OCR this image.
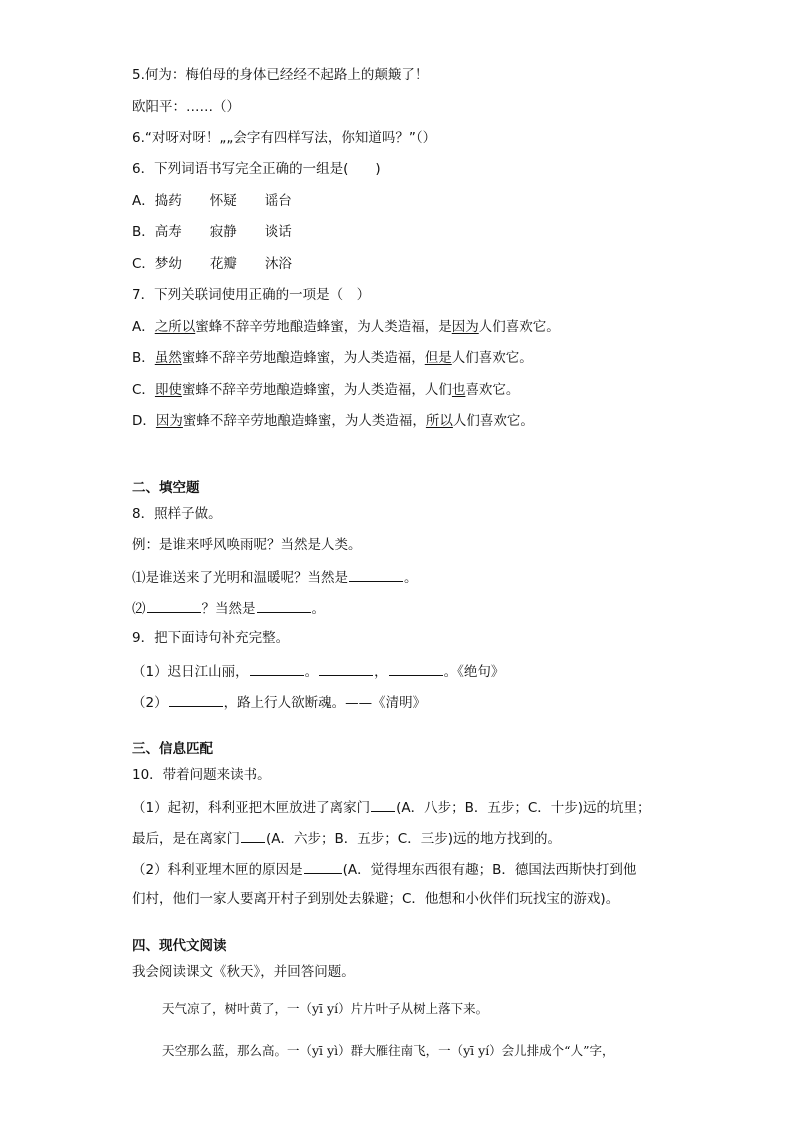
5.何为：梅伯母的身体已经经不起路上的颠簸了！
欧阳平：……（）
6.“对呀对呀！„„会字有四样写法，你知道吗？”（）
6．下列词语书写完全正确的一组是(　　)
A．捣药 怀疑 谣台
B．高寿 寂静 谈话
C．梦幼 花瓣 沐浴
7．下列关联词使用正确的一项是（　）
A．之所以蜜蜂不辞辛劳地酿造蜂蜜，为人类造福，是因为人们喜欢它。
B．虽然蜜蜂不辞辛劳地酿造蜂蜜，为人类造福，但是人们喜欢它。
C．即使蜜蜂不辞辛劳地酿造蜂蜜，为人类造福，人们也喜欢它。
D．因为蜜蜂不辞辛劳地酿造蜂蜜，为人类造福，所以人们喜欢它。
二、填空题
8．照样子做。
例：是谁来呼风唤雨呢？当然是人类。
⑴是谁送来了光明和温暖呢？当然是	。
⑵	？当然是	。
9．把下面诗句补充完整。
（1）迟日江山丽，	。	，	。《绝句》
（2）	，路上行人欲断魂。——《清明》
三、信息匹配
10．带着问题来读书。
（1）起初，科利亚把木匣放进了离家门 (A．八步；B．五步；C．十步)远的坑里；
最后，是在离家门 (A．六步；B．五步；C．三步)远的地方找到的。
（2）科利亚埋木匣的原因是	(A．觉得埋东西很有趣；B．德国法西斯快打到他
们村，他们一家人要离开村子到别处去躲避；C．他想和小伙伴们玩找宝的游戏)。
四、现代文阅读
我会阅读课文《秋天》，并回答问题。
天气凉了，树叶黄了，一（yī yí）片片叶子从树上落下来。
天空那么蓝，那么高。一（yī yì）群大雁往南飞，一（yī yí）会儿排成个“人”字，
